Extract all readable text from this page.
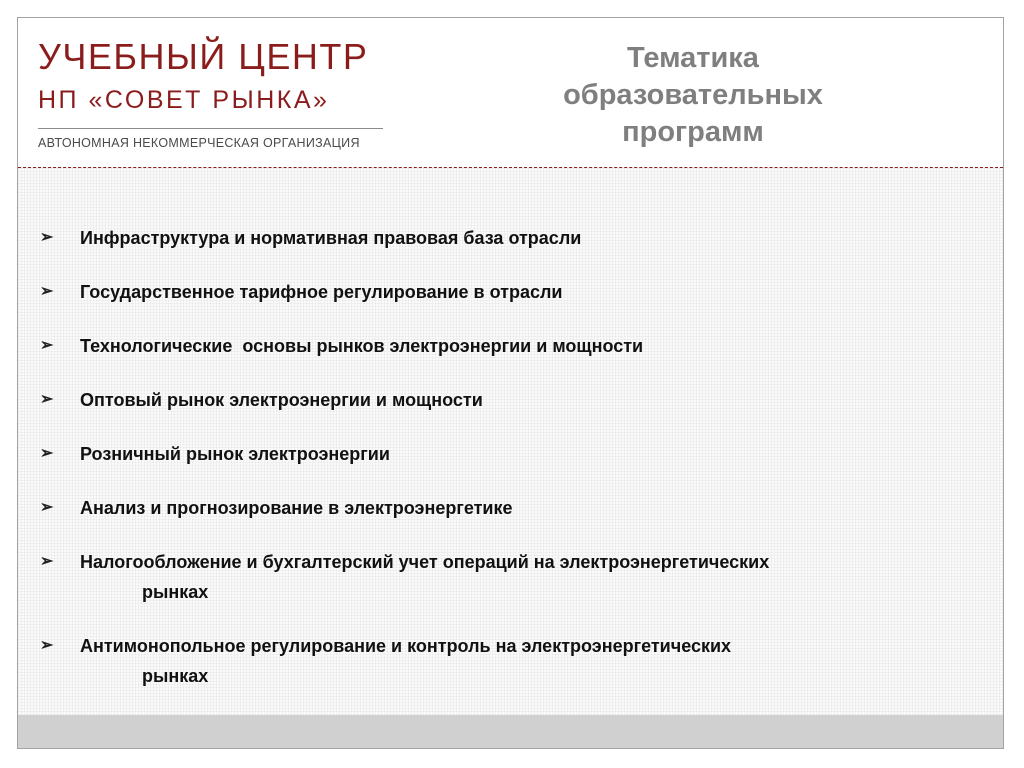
УЧЕБНЫЙ ЦЕНТР
НП «СОВЕТ РЫНКА»
АВТОНОМНАЯ НЕКОММЕРЧЕСКАЯ ОРГАНИЗАЦИЯ
Тематика
образовательных
программ
➢ Инфраструктура и нормативная правовая база отрасли
➢ Государственное тарифное регулирование в отрасли
➢ Технологические  основы рынков электроэнергии и мощности
➢ Оптовый рынок электроэнергии и мощности
➢ Розничный рынок электроэнергии
➢ Анализ и прогнозирование в электроэнергетике
➢ Налогообложение и бухгалтерский учет операций на электроэнергетических
рынках
➢ Антимонопольное регулирование и контроль на электроэнергетических
рынках
